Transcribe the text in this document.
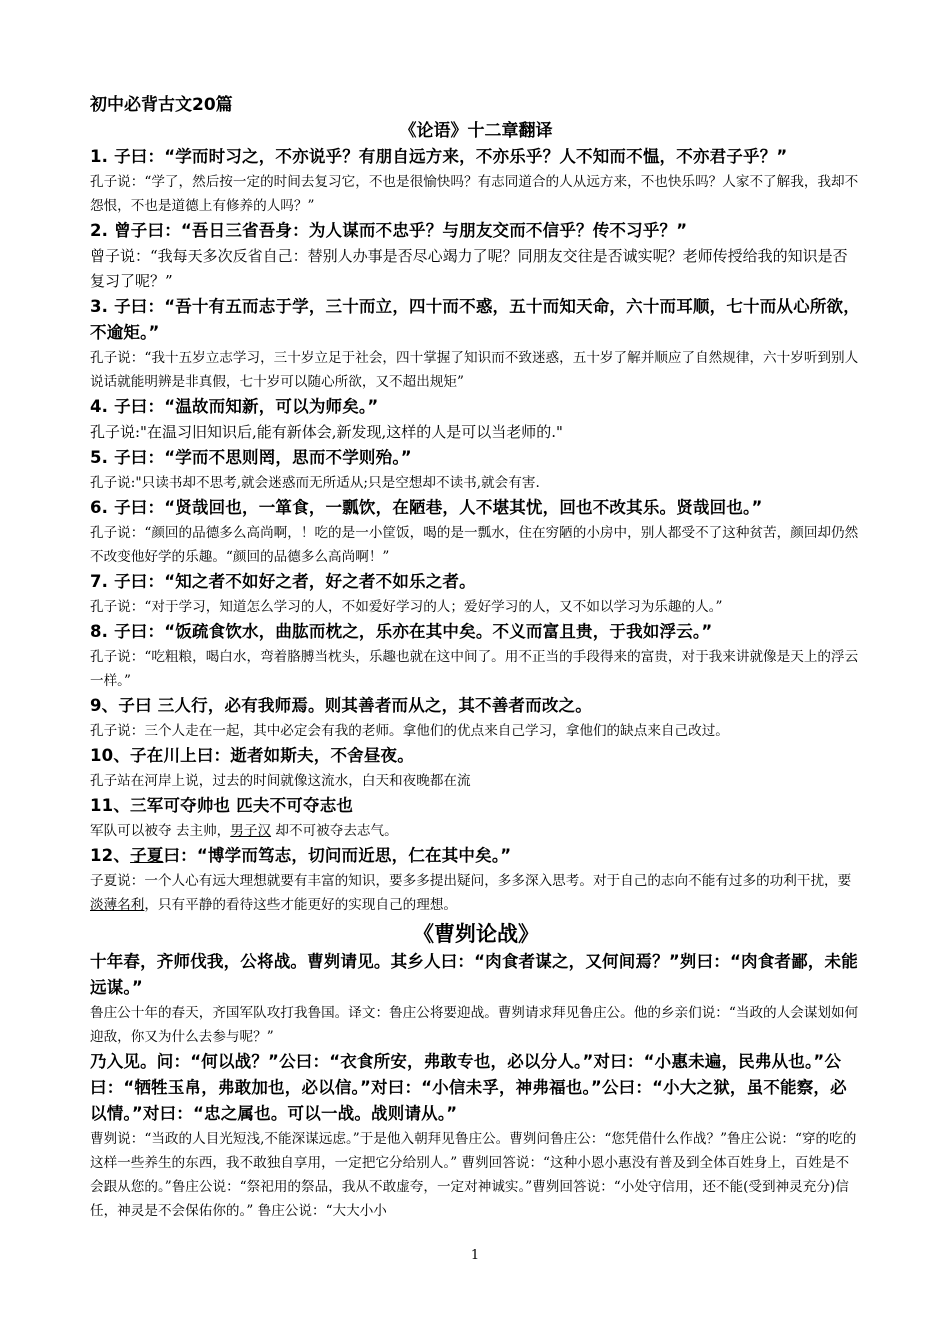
初中必背古文20篇

《论语》十二章翻译

1. 子曰：“学而时习之，不亦说乎？有朋自远方来，不亦乐乎？人不知而不愠，不亦君子乎？”

孔子说：“学了，然后按一定的时间去复习它，不也是很愉快吗？有志同道合的人从远方来，不也快乐吗？人家不了解我，我却不怨恨，不也是道德上有修养的人吗？”

2. 曾子曰：“吾日三省吾身：为人谋而不忠乎？与朋友交而不信乎？传不习乎？”

曾子说：“我每天多次反省自己：替别人办事是否尽心竭力了呢？同朋友交往是否诚实呢？老师传授给我的知识是否复习了呢？”

3. 子曰：“吾十有五而志于学，三十而立，四十而不惑，五十而知天命，六十而耳顺，七十而从心所欲，不逾矩。”

孔子说：“我十五岁立志学习，三十岁立足于社会，四十掌握了知识而不致迷惑，五十岁了解并顺应了自然规律，六十岁听到别人说话就能明辨是非真假，七十岁可以随心所欲，又不超出规矩”

4. 子曰：“温故而知新，可以为师矣。”

孔子说:"在温习旧知识后,能有新体会,新发现,这样的人是可以当老师的."

5. 子曰：“学而不思则罔，思而不学则殆。”

孔子说:"只读书却不思考,就会迷惑而无所适从;只是空想却不读书,就会有害.

6. 子曰：“贤哉回也，一箪食，一瓢饮，在陋巷，人不堪其忧，回也不改其乐。贤哉回也。”

孔子说：“颜回的品德多么高尚啊，！吃的是一小筐饭，喝的是一瓢水，住在穷陋的小房中，别人都受不了这种贫苦，颜回却仍然不改变他好学的乐趣。“颜回的品德多么高尚啊！”

7. 子曰：“知之者不如好之者，好之者不如乐之者。

孔子说：“对于学习，知道怎么学习的人，不如爱好学习的人；爱好学习的人，又不如以学习为乐趣的人。”

8. 子曰：“饭疏食饮水，曲肱而枕之，乐亦在其中矣。不义而富且贵，于我如浮云。”

孔子说：“吃粗粮，喝白水，弯着胳膊当枕头，乐趣也就在这中间了。用不正当的手段得来的富贵，对于我来讲就像是天上的浮云一样。”

9、子曰 三人行，必有我师焉。则其善者而从之，其不善者而改之。

孔子说：三个人走在一起，其中必定会有我的老师。拿他们的优点来自己学习，拿他们的缺点来自己改过。

10、子在川上曰：逝者如斯夫，不舍昼夜。

孔子站在河岸上说，过去的时间就像这流水，白天和夜晚都在流

11、三军可夺帅也 匹夫不可夺志也

军队可以被夺 去主帅，男子汉 却不可被夺去志气。

12、子夏曰：“博学而笃志，切问而近思，仁在其中矣。”

子夏说：一个人心有远大理想就要有丰富的知识，要多多提出疑问，多多深入思考。对于自己的志向不能有过多的功利干扰，要淡薄名利，只有平静的看待这些才能更好的实现自己的理想。

《曹刿论战》

十年春，齐师伐我，公将战。曹刿请见。其乡人曰：“肉食者谋之，又何间焉？”刿曰：“肉食者鄙，未能远谋。”

鲁庄公十年的春天，齐国军队攻打我鲁国。译文：鲁庄公将要迎战。曹刿请求拜见鲁庄公。他的乡亲们说：“当政的人会谋划如何迎敌，你又为什么去参与呢？”

乃入见。问：“何以战？”公曰：“衣食所安，弗敢专也，必以分人。”对曰：“小惠未遍，民弗从也。”公曰：“牺牲玉帛，弗敢加也，必以信。”对曰：“小信未孚，神弗福也。”公曰：“小大之狱，虽不能察，必以情。”对曰：“忠之属也。可以一战。战则请从。”

曹刿说：“当政的人目光短浅,不能深谋远虑。”于是他入朝拜见鲁庄公。曹刿问鲁庄公：“您凭借什么作战？”鲁庄公说：“穿的吃的这样一些养生的东西，我不敢独自享用，一定把它分给别人。” 曹刿回答说：“这种小恩小惠没有普及到全体百姓身上，百姓是不会跟从您的。”鲁庄公说：“祭祀用的祭品，我从不敢虚夸，一定对神诚实。”曹刿回答说：“小处守信用，还不能(受到神灵充分)信任，神灵是不会保佑你的。” 鲁庄公说：“大大小小

1
